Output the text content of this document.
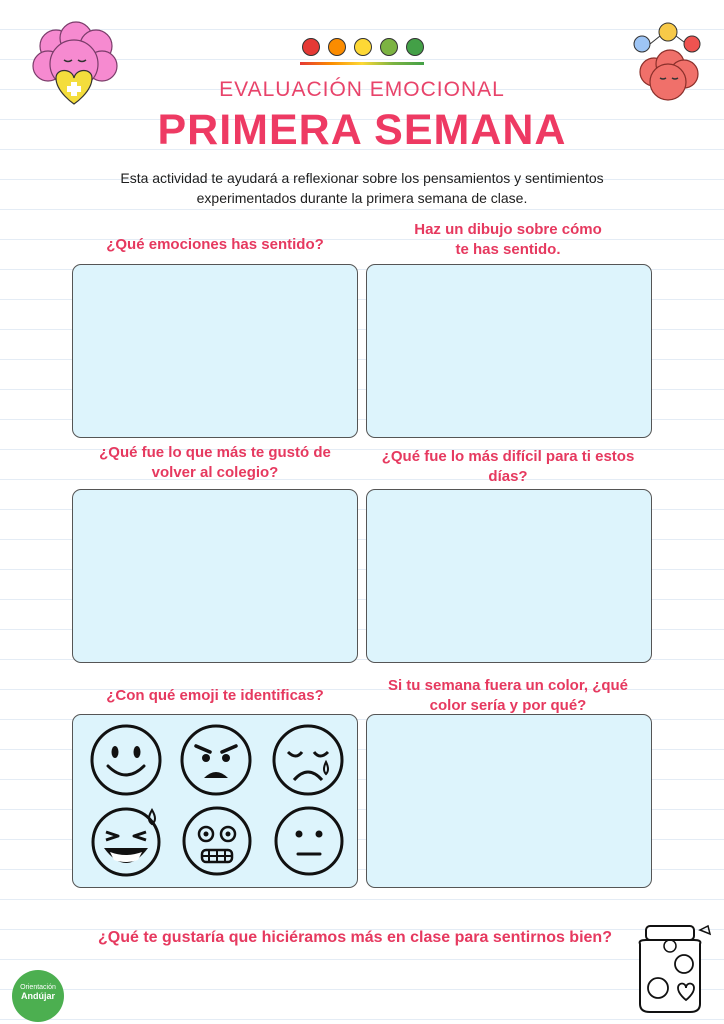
EVALUACIÓN EMOCIONAL
PRIMERA SEMANA
Esta actividad te ayudará a reflexionar sobre los pensamientos y sentimientos
experimentados durante la primera semana de clase.
¿Qué emociones has sentido?
Haz un dibujo sobre cómo
te has sentido.
¿Qué fue lo que más te gustó de
volver al colegio?
¿Qué fue lo más difícil para ti estos
días?
¿Con qué emoji te identificas?
Si tu semana fuera un color, ¿qué
color sería y por qué?
¿Qué te gustaría que hiciéramos más en clase para sentirnos bien?
Orientación
Andújar
